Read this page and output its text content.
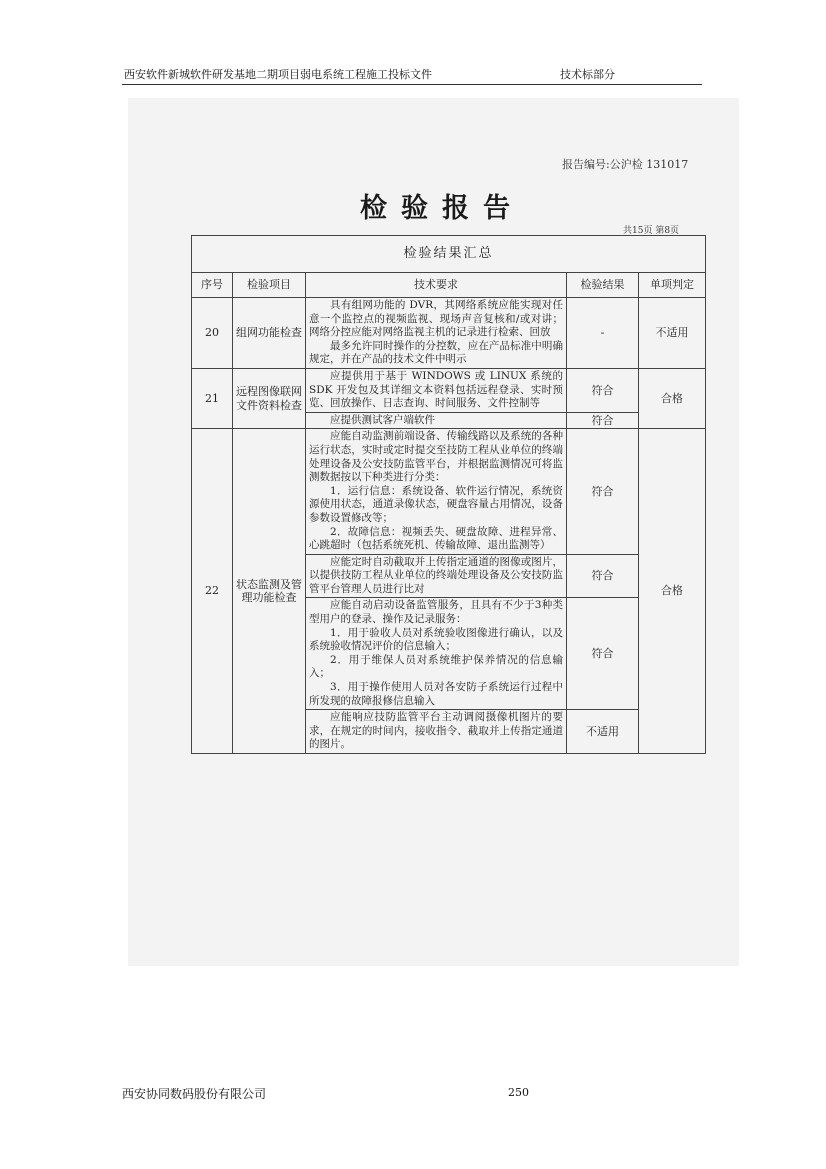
西安软件新城软件研发基地二期项目弱电系统工程施工投标文件	技术标部分
报告编号:公沪检 131017
检验报告
共15页 第8页
检验结果汇总				
序号	检验项目	技术要求	检验结果	单项判定
20	组网功能检查	具有组网功能的 DVR，其网络系统应能实现对任意一个监控点的视频监视、现场声音复核和/或对讲；网络分控应能对网络监视主机的记录进行检索、回放
最多允许同时操作的分控数，应在产品标准中明确规定，并在产品的技术文件中明示	-	不适用
21	远程图像联网文件资料检查	应提供用于基于 WINDOWS 或 LINUX 系统的 SDK 开发包及其详细文本资料包括远程登录、实时预览、回放操作、日志查询、时间服务、文件控制等	符合	合格

		应提供测试客户端软件	符合	
22	状态监测及管理功能检查	应能自动监测前端设备、传输线路以及系统的各种运行状态，实时或定时提交至技防工程从业单位的终端处理设备及公安技防监管平台，并根据监测情况可将监测数据按以下种类进行分类：
1．运行信息：系统设备、软件运行情况，系统资源使用状态，通道录像状态，硬盘容量占用情况，设备参数设置修改等；
2．故障信息：视频丢失、硬盘故障、进程异常、心跳超时（包括系统死机、传输故障、退出监测等）	符合	合格

		应能定时自动截取并上传指定通道的图像或图片，以提供技防工程从业单位的终端处理设备及公安技防监管平台管理人员进行比对	符合	

		应能自动启动设备监管服务，且具有不少于3种类型用户的登录、操作及记录服务：
1．用于验收人员对系统验收图像进行确认，以及系统验收情况评价的信息输入；
2．用于维保人员对系统维护保养情况的信息输入；
3．用于操作使用人员对各安防子系统运行过程中所发现的故障报修信息输入	符合	

		应能响应技防监管平台主动调阅摄像机图片的要求，在规定的时间内，接收指令、截取并上传指定通道的图片。	不适用	
西安协同数码股份有限公司	250
